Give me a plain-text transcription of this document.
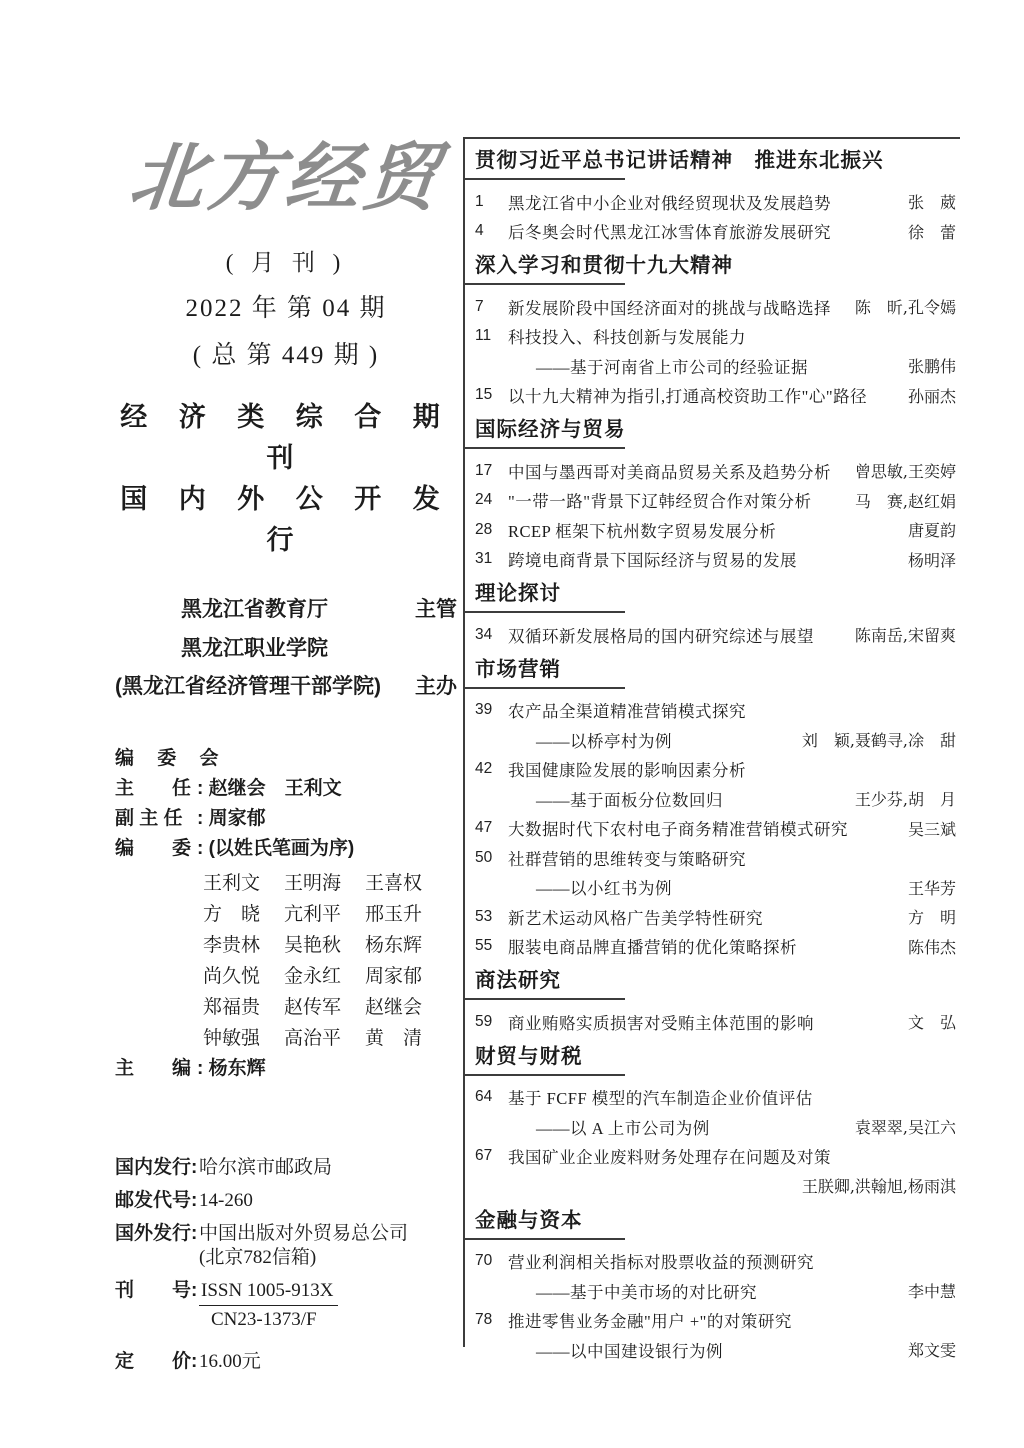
北方经贸
( 月 刊 )
2022 年 第 04 期
( 总 第 449 期 )
经 济 类 综 合 期 刊
国 内 外 公 开 发 行
黑龙江省教育厅	主管
黑龙江职业学院
(黑龙江省经济管理干部学院) 主办
编 委 会
主　　任 : 赵继会　王利文
副 主 任 : 周家郁
编　　委 : (以姓氏笔画为序)
王利文	王明海	王喜权
方　晓	亢利平	邢玉升
李贵林	吴艳秋	杨东辉
尚久悦	金永红	周家郁
郑福贵	赵传军	赵继会
钟敏强	高治平	黄　清
主　　编 : 杨东辉
国内发行: 哈尔滨市邮政局
邮发代号: 14-260
国外发行: 中国出版对外贸易总公司
(北京782信箱)
刊　　号: ISSN 1005-913X
CN23-1373/F
定　　价: 16.00元
贯彻习近平总书记讲话精神　推进东北振兴
1	黑龙江省中小企业对俄经贸现状及发展趋势	张　葳
4	后冬奥会时代黑龙江冰雪体育旅游发展研究	徐　蕾
深入学习和贯彻十九大精神
7	新发展阶段中国经济面对的挑战与战略选择	陈　昕,孔令嫣
11	科技投入、科技创新与发展能力
——基于河南省上市公司的经验证据	张鹏伟
15 以十九大精神为指引,打通高校资助工作"心"路径	孙丽杰
国际经济与贸易
17 中国与墨西哥对美商品贸易关系及趋势分析	曾思敏,王奕婷
24 "一带一路"背景下辽韩经贸合作对策分析	马　赛,赵红娟
28 RCEP 框架下杭州数字贸易发展分析	唐夏韵
31 跨境电商背景下国际经济与贸易的发展	杨明泽
理论探讨
34 双循环新发展格局的国内研究综述与展望	陈南岳,宋留爽
市场营销
39 农产品全渠道精准营销模式探究
——以桥亭村为例	刘　颖,聂鹤寻,凃　甜
42 我国健康险发展的影响因素分析
——基于面板分位数回归	王少芬,胡　月
47 大数据时代下农村电子商务精准营销模式研究	吴三斌
50 社群营销的思维转变与策略研究
——以小红书为例	王华芳
53 新艺术运动风格广告美学特性研究	方　明
55 服装电商品牌直播营销的优化策略探析	陈伟杰
商法研究
59 商业贿赂实质损害对受贿主体范围的影响	文　弘
财贸与财税
64 基于 FCFF 模型的汽车制造企业价值评估
——以 A 上市公司为例	袁翠翠,吴江六
67 我国矿业企业废料财务处理存在问题及对策
王朕卿,洪翰旭,杨雨淇
金融与资本
70 营业利润相关指标对股票收益的预测研究
——基于中美市场的对比研究	李中慧
78 推进零售业务金融"用户 +"的对策研究
——以中国建设银行为例	郑文雯
